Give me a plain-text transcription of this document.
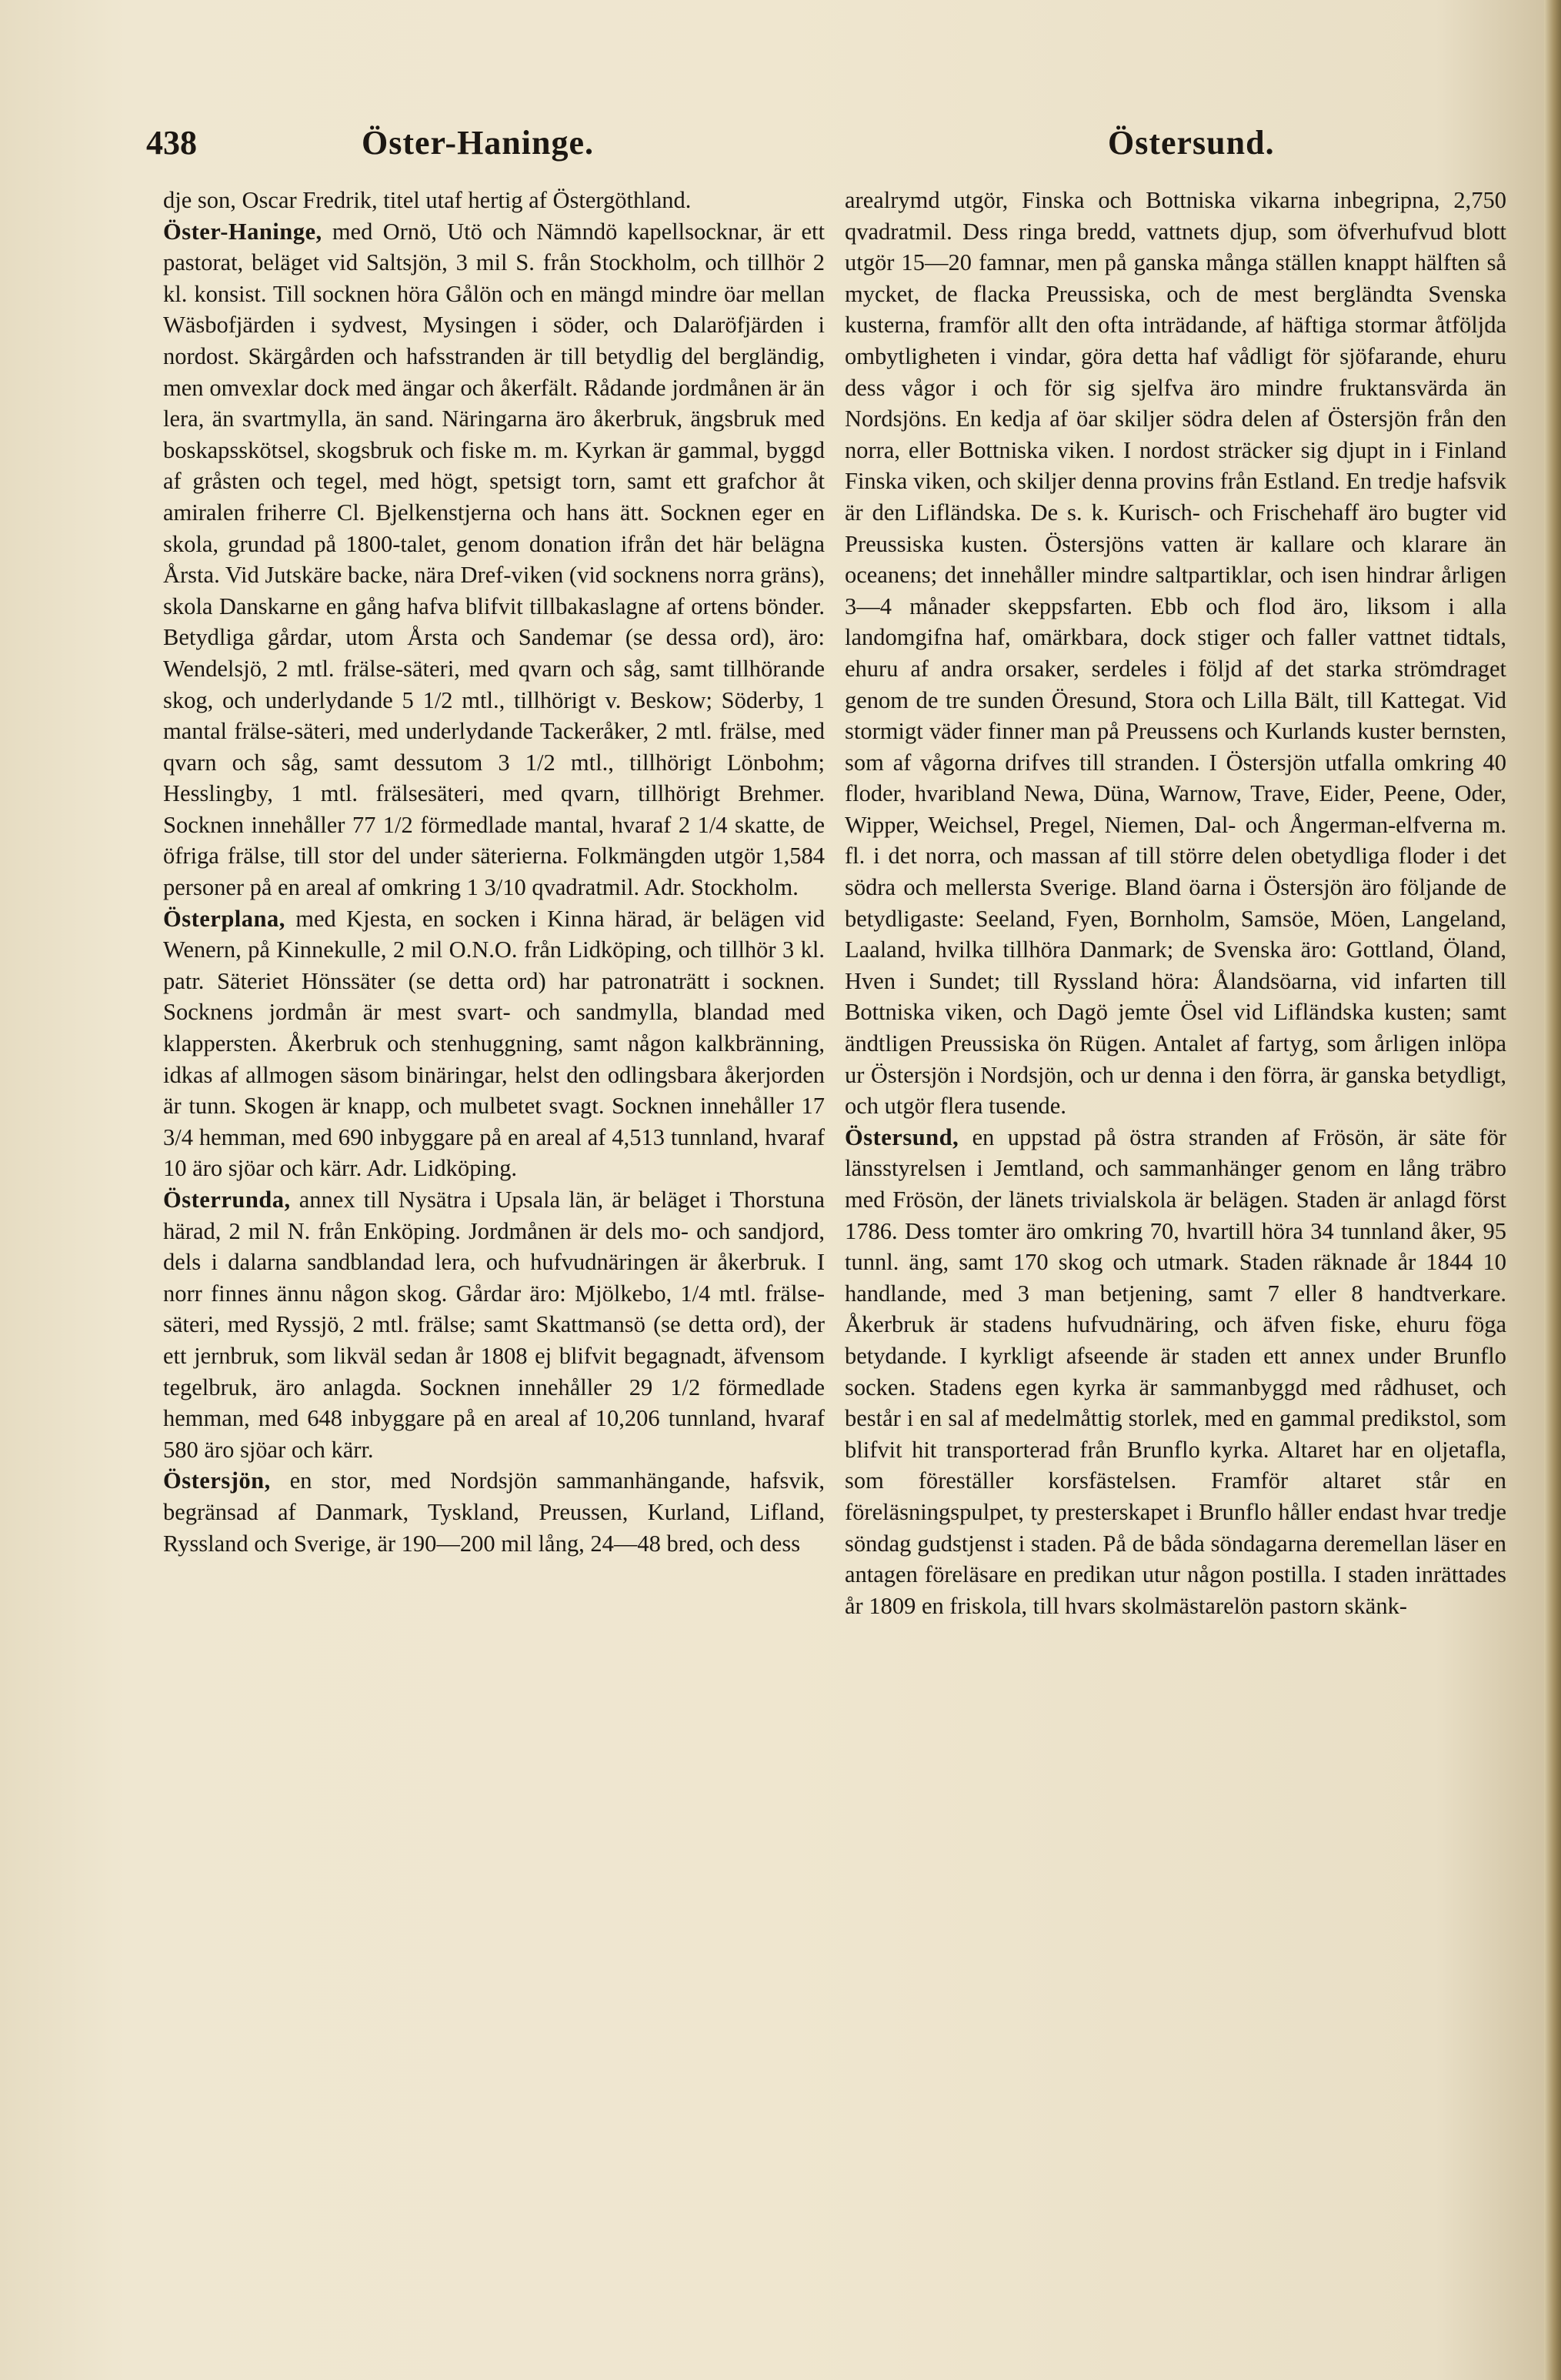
438	Öster-Haninge.	Östersund.

dje son, Oscar Fredrik, titel utaf hertig af Östergöthland.

Öster-Haninge, med Ornö, Utö och Nämndö kapellsocknar, är ett pastorat, beläget vid Saltsjön, 3 mil S. från Stockholm, och tillhör 2 kl. konsist. Till socknen höra Gålön och en mängd mindre öar mellan Wäsbofjärden i sydvest, Mysingen i söder, och Dalaröfjärden i nordost. Skärgården och hafsstranden är till betydlig del bergländig, men omvexlar dock med ängar och åkerfält. Rådande jordmånen är än lera, än svartmylla, än sand. Näringarna äro åkerbruk, ängsbruk med boskapsskötsel, skogsbruk och fiske m. m. Kyrkan är gammal, byggd af gråsten och tegel, med högt, spetsigt torn, samt ett grafchor åt amiralen friherre Cl. Bjelkenstjerna och hans ätt. Socknen eger en skola, grundad på 1800-talet, genom donation ifrån det här belägna Årsta. Vid Jutskäre backe, nära Dref-viken (vid socknens norra gräns), skola Danskarne en gång hafva blifvit tillbakaslagne af ortens bönder. Betydliga gårdar, utom Årsta och Sandemar (se dessa ord), äro: Wendelsjö, 2 mtl. frälse-säteri, med qvarn och såg, samt tillhörande skog, och underlydande 5 1/2 mtl., tillhörigt v. Beskow; Söderby, 1 mantal frälse-säteri, med underlydande Tackeråker, 2 mtl. frälse, med qvarn och såg, samt dessutom 3 1/2 mtl., tillhörigt Lönbohm; Hesslingby, 1 mtl. frälsesäteri, med qvarn, tillhörigt Brehmer. Socknen innehåller 77 1/2 förmedlade mantal, hvaraf 2 1/4 skatte, de öfriga frälse, till stor del under säterierna. Folkmängden utgör 1,584 personer på en areal af omkring 1 3/10 qvadratmil. Adr. Stockholm.

Österplana, med Kjesta, en socken i Kinna härad, är belägen vid Wenern, på Kinnekulle, 2 mil O.N.O. från Lidköping, och tillhör 3 kl. patr. Säteriet Hönssäter (se detta ord) har patronaträtt i socknen. Socknens jordmån är mest svart- och sandmylla, blandad med klappersten. Åkerbruk och stenhuggning, samt någon kalkbränning, idkas af allmogen säsom binäringar, helst den odlingsbara åkerjorden är tunn. Skogen är knapp, och mulbetet svagt. Socknen innehåller 17 3/4 hemman, med 690 inbyggare på en areal af 4,513 tunnland, hvaraf 10 äro sjöar och kärr. Adr. Lidköping.

Österrunda, annex till Nysätra i Upsala län, är beläget i Thorstuna härad, 2 mil N. från Enköping. Jordmånen är dels mo- och sandjord, dels i dalarna sandblandad lera, och hufvudnäringen är åkerbruk. I norr finnes ännu någon skog. Gårdar äro: Mjölkebo, 1/4 mtl. frälse-säteri, med Ryssjö, 2 mtl. frälse; samt Skattmansö (se detta ord), der ett jernbruk, som likväl sedan år 1808 ej blifvit begagnadt, äfvensom tegelbruk, äro anlagda. Socknen innehåller 29 1/2 förmedlade hemman, med 648 inbyggare på en areal af 10,206 tunnland, hvaraf 580 äro sjöar och kärr.

Östersjön, en stor, med Nordsjön sammanhängande, hafsvik, begränsad af Danmark, Tyskland, Preussen, Kurland, Lifland, Ryssland och Sverige, är 190—200 mil lång, 24—48 bred, och dess

arealrymd utgör, Finska och Bottniska vikarna inbegripna, 2,750 qvadratmil. Dess ringa bredd, vattnets djup, som öfverhufvud blott utgör 15—20 famnar, men på ganska många ställen knappt hälften så mycket, de flacka Preussiska, och de mest bergländta Svenska kusterna, framför allt den ofta inträdande, af häftiga stormar åtföljda ombytligheten i vindar, göra detta haf vådligt för sjöfarande, ehuru dess vågor i och för sig sjelfva äro mindre fruktansvärda än Nordsjöns. En kedja af öar skiljer södra delen af Östersjön från den norra, eller Bottniska viken. I nordost sträcker sig djupt in i Finland Finska viken, och skiljer denna provins från Estland. En tredje hafsvik är den Lifländska. De s. k. Kurisch- och Frischehaff äro bugter vid Preussiska kusten. Östersjöns vatten är kallare och klarare än oceanens; det innehåller mindre saltpartiklar, och isen hindrar årligen 3—4 månader skeppsfarten. Ebb och flod äro, liksom i alla landomgifna haf, omärkbara, dock stiger och faller vattnet tidtals, ehuru af andra orsaker, serdeles i följd af det starka strömdraget genom de tre sunden Öresund, Stora och Lilla Bält, till Kattegat. Vid stormigt väder finner man på Preussens och Kurlands kuster bernsten, som af vågorna drifves till stranden. I Östersjön utfalla omkring 40 floder, hvaribland Newa, Düna, Warnow, Trave, Eider, Peene, Oder, Wipper, Weichsel, Pregel, Niemen, Dal- och Ångerman-elfverna m. fl. i det norra, och massan af till större delen obetydliga floder i det södra och mellersta Sverige. Bland öarna i Östersjön äro följande de betydligaste: Seeland, Fyen, Bornholm, Samsöe, Möen, Langeland, Laaland, hvilka tillhöra Danmark; de Svenska äro: Gottland, Öland, Hven i Sundet; till Ryssland höra: Ålandsöarna, vid infarten till Bottniska viken, och Dagö jemte Ösel vid Lifländska kusten; samt ändtligen Preussiska ön Rügen. Antalet af fartyg, som årligen inlöpa ur Östersjön i Nordsjön, och ur denna i den förra, är ganska betydligt, och utgör flera tusende.

Östersund, en uppstad på östra stranden af Frösön, är säte för länsstyrelsen i Jemtland, och sammanhänger genom en lång träbro med Frösön, der länets trivialskola är belägen. Staden är anlagd först 1786. Dess tomter äro omkring 70, hvartill höra 34 tunnland åker, 95 tunnl. äng, samt 170 skog och utmark. Staden räknade år 1844 10 handlande, med 3 man betjening, samt 7 eller 8 handtverkare. Åkerbruk är stadens hufvudnäring, och äfven fiske, ehuru föga betydande. I kyrkligt afseende är staden ett annex under Brunflo socken. Stadens egen kyrka är sammanbyggd med rådhuset, och består i en sal af medelmåttig storlek, med en gammal predikstol, som blifvit hit transporterad från Brunflo kyrka. Altaret har en oljetafla, som föreställer korsfästelsen. Framför altaret står en föreläsningspulpet, ty presterskapet i Brunflo håller endast hvar tredje söndag gudstjenst i staden. På de båda söndagarna deremellan läser en antagen föreläsare en predikan utur någon postilla. I staden inrättades år 1809 en friskola, till hvars skolmästarelön pastorn skänk-
